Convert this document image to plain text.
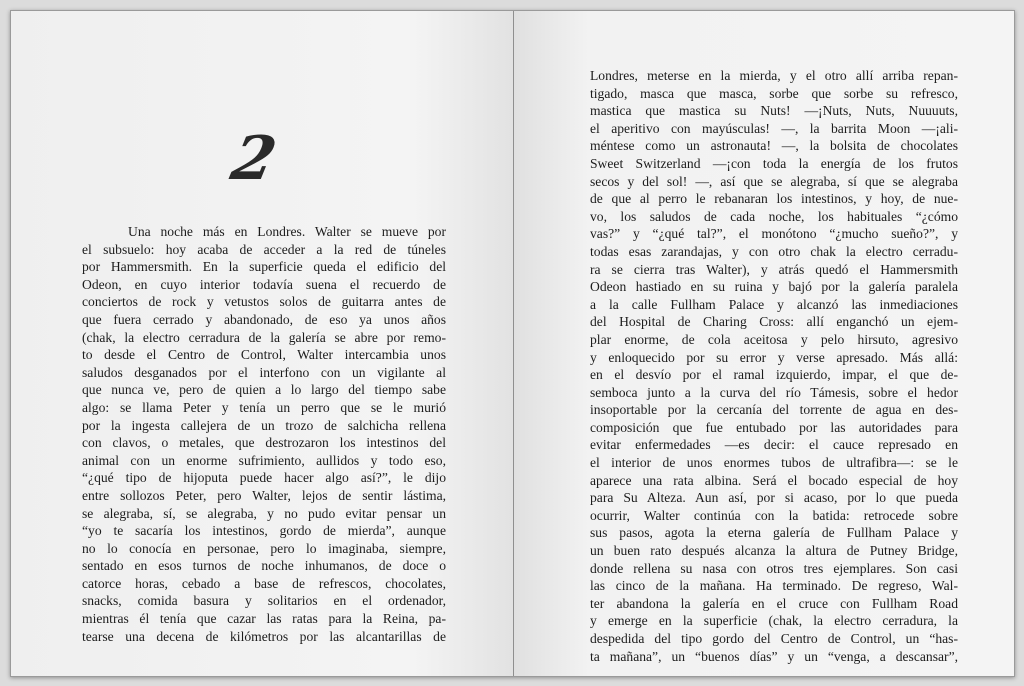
2
Una noche más en Londres. Walter se mueve por
el subsuelo: hoy acaba de acceder a la red de túneles
por Hammersmith. En la superficie queda el edificio del
Odeon, en cuyo interior todavía suena el recuerdo de
conciertos de rock y vetustos solos de guitarra antes de
que fuera cerrado y abandonado, de eso ya unos años
(chak, la electro cerradura de la galería se abre por remo-
to desde el Centro de Control, Walter intercambia unos
saludos desganados por el interfono con un vigilante al
que nunca ve, pero de quien a lo largo del tiempo sabe
algo: se llama Peter y tenía un perro que se le murió
por la ingesta callejera de un trozo de salchicha rellena
con clavos, o metales, que destrozaron los intestinos del
animal con un enorme sufrimiento, aullidos y todo eso,
“¿qué tipo de hijoputa puede hacer algo así?”, le dijo
entre sollozos Peter, pero Walter, lejos de sentir lástima,
se alegraba, sí, se alegraba, y no pudo evitar pensar un
“yo te sacaría los intestinos, gordo de mierda”, aunque
no lo conocía en personae, pero lo imaginaba, siempre,
sentado en esos turnos de noche inhumanos, de doce o
catorce horas, cebado a base de refrescos, chocolates,
snacks, comida basura y solitarios en el ordenador,
mientras él tenía que cazar las ratas para la Reina, pa-
tearse una decena de kilómetros por las alcantarillas de
Londres, meterse en la mierda, y el otro allí arriba repan-
tigado, masca que masca, sorbe que sorbe su refresco,
mastica que mastica su Nuts! —¡Nuts, Nuts, Nuuuuts,
el aperitivo con mayúsculas! —, la barrita Moon —¡ali-
méntese como un astronauta! —, la bolsita de chocolates
Sweet Switzerland —¡con toda la energía de los frutos
secos y del sol! —, así que se alegraba, sí que se alegraba
de que al perro le rebanaran los intestinos, y hoy, de nue-
vo, los saludos de cada noche, los habituales “¿cómo
vas?” y “¿qué tal?”, el monótono “¿mucho sueño?”, y
todas esas zarandajas, y con otro chak la electro cerradu-
ra se cierra tras Walter), y atrás quedó el Hammersmith
Odeon hastiado en su ruina y bajó por la galería paralela
a la calle Fullham Palace y alcanzó las inmediaciones
del Hospital de Charing Cross: allí enganchó un ejem-
plar enorme, de cola aceitosa y pelo hirsuto, agresivo
y enloquecido por su error y verse apresado. Más allá:
en el desvío por el ramal izquierdo, impar, el que de-
semboca junto a la curva del río Támesis, sobre el hedor
insoportable por la cercanía del torrente de agua en des-
composición que fue entubado por las autoridades para
evitar enfermedades —es decir: el cauce represado en
el interior de unos enormes tubos de ultrafibra—: se le
aparece una rata albina. Será el bocado especial de hoy
para Su Alteza. Aun así, por si acaso, por lo que pueda
ocurrir, Walter continúa con la batida: retrocede sobre
sus pasos, agota la eterna galería de Fullham Palace y
un buen rato después alcanza la altura de Putney Bridge,
donde rellena su nasa con otros tres ejemplares. Son casi
las cinco de la mañana. Ha terminado. De regreso, Wal-
ter abandona la galería en el cruce con Fullham Road
y emerge en la superficie (chak, la electro cerradura, la
despedida del tipo gordo del Centro de Control, un “has-
ta mañana”, un “buenos días” y un “venga, a descansar”,
